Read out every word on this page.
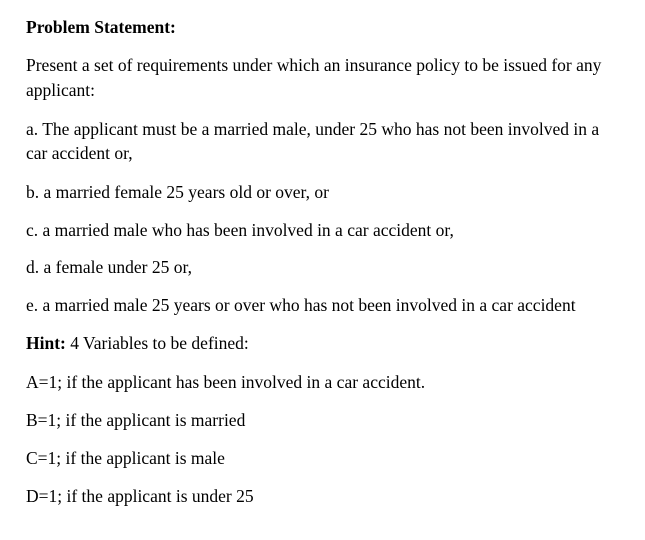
Problem Statement:
Present a set of requirements under which an insurance policy to be issued for any
applicant:
a. The applicant must be a married male, under 25 who has not been involved in a
car accident or,
b. a married female 25 years old or over, or
c. a married male who has been involved in a car accident or,
d. a female under 25 or,
e. a married male 25 years or over who has not been involved in a car accident
Hint: 4 Variables to be defined:
A=1; if the applicant has been involved in a car accident.
B=1; if the applicant is married
C=1; if the applicant is male
D=1; if the applicant is under 25
